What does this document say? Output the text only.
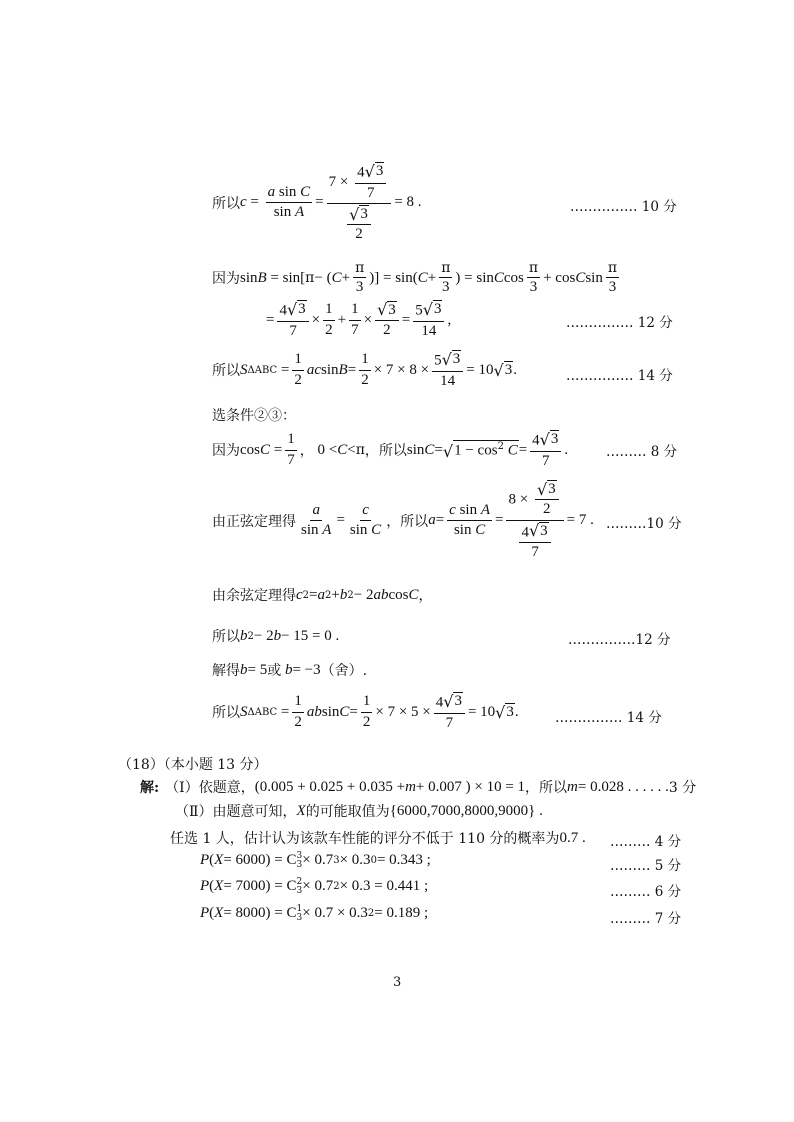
所以 $c = \frac{\text{a sin C}}{\text{sin A}} = \frac{7 \times \frac{4 √ 3}{7}}{\frac{√ 3}{2}} = 8$ .	…………… 10 分
因为 sin B = sin[ π − ( $C + \frac{\pi}{3}$ )] = sin( $C + \frac{\pi}{3}$ ) = sin C $\cos \frac{\pi}{3} + \cos C$ $\sin \frac{\pi}{3}$
= $\frac{4 √ 3}{7} \times \frac{1}{2} + \frac{1}{7} \times \frac{√ 3}{2} = \frac{5 √ 3}{14}$ ,	…………… 12 分
所以 S $\Delta ABC = \frac{1}{2}$ ac $\sin B = \frac{1}{2} \times 7 \times 8 \times \frac{5 √ 3}{14} = 10$ √ 3 .	…………… 14 分
选条件②③：
因为 $\cos C = \frac{1}{7}$ ， 0 < C < π ， 所以 sin C = √ $1 - \cos^2 C = \frac{4 √ 3}{7}$ .	……… 8 分
由正弦定理得 $\frac{a}{\text{sin A}} = \frac{c}{\text{sin C}}$ ，所以 $a = \frac{\text{c sin A}}{\text{sin C}} = \frac{8 \times \frac{√ 3}{2}}{\frac{4 √ 3}{7}} = 7$ . ………10 分
由余弦定理得 c 2 = a 2 + b 2 − 2 ab cos C ，
所以 b 2 − 2 b − 15 = 0 .	……………12 分
解得 b = 5 或 b = −3 （舍）.
所以 S $\Delta ABC = \frac{1}{2}$ ab $\sin C = \frac{1}{2} \times 7 \times 5 \times \frac{4 √ 3}{7} = 10$ √ 3 .	…………… 14 分
（18）（本小题 13 分）
解: （Ⅰ）依题意， (0.005 + 0.025 + 0.035 + m + 0.007 ) × 10 = 1 ，所以 m = 0.028 . . . . . . 3 分
（Ⅱ）由题意可知， X 的可能取值为 {6000,7000,8000,9000} .
任选 1 人，估计认为该款车性能的评分不低于 110 分的概率为 0.7 . ……… 4 分
P ( X = 6000) = C 3
3 × 0.7 3 × 0.3 0 = 0.343 ;	……… 5 分
P ( X = 7000) = C 2
3 × 0.7 2 × 0.3 = 0.441 ;	……… 6 分
P ( X = 8000) = C 1
3 × 0.7 × 0.3 2 = 0.189 ;	……… 7 分
3
